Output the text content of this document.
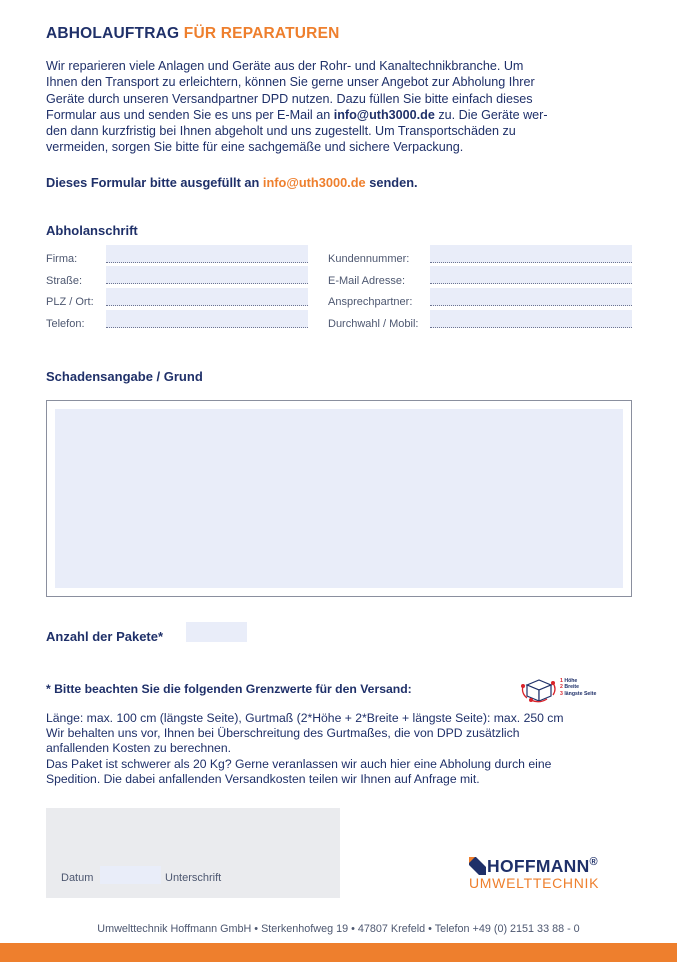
ABHOLAUFTRAG FÜR REPARATUREN
Wir reparieren viele Anlagen und Geräte aus der Rohr- und Kanaltechnikbranche. Um
Ihnen den Transport zu erleichtern, können Sie gerne unser Angebot zur Abholung Ihrer
Geräte durch unseren Versandpartner DPD nutzen. Dazu füllen Sie bitte einfach dieses
Formular aus und senden Sie es uns per E-Mail an info@uth3000.de zu. Die Geräte wer-
den dann kurzfristig bei Ihnen abgeholt und uns zugestellt. Um Transportschäden zu
vermeiden, sorgen Sie bitte für eine sachgemäße und sichere Verpackung.
Dieses Formular bitte ausgefüllt an info@uth3000.de senden.
Abholanschrift
Firma:
Straße:
PLZ / Ort:
Telefon:
Kundennummer:
E-Mail Adresse:
Ansprechpartner:
Durchwahl / Mobil:
Schadensangabe / Grund
Anzahl der Pakete*
* Bitte beachten Sie die folgenden Grenzwerte für den Versand:
1 Höhe
2 Breite
3 längste Seite
Länge: max. 100 cm (längste Seite), Gurtmaß (2*Höhe + 2*Breite + längste Seite): max. 250 cm
Wir behalten uns vor, Ihnen bei Überschreitung des Gurtmaßes, die von DPD zusätzlich
anfallenden Kosten zu berechnen.
Das Paket ist schwerer als 20 Kg? Gerne veranlassen wir auch hier eine Abholung durch eine
Spedition. Die dabei anfallenden Versandkosten teilen wir Ihnen auf Anfrage mit.
Datum	Unterschrift
HOFFMANN®
UMWELTTECHNIK
Umwelttechnik Hoffmann GmbH • Sterkenhofweg 19 • 47807 Krefeld • Telefon +49 (0) 2151 33 88 - 0
